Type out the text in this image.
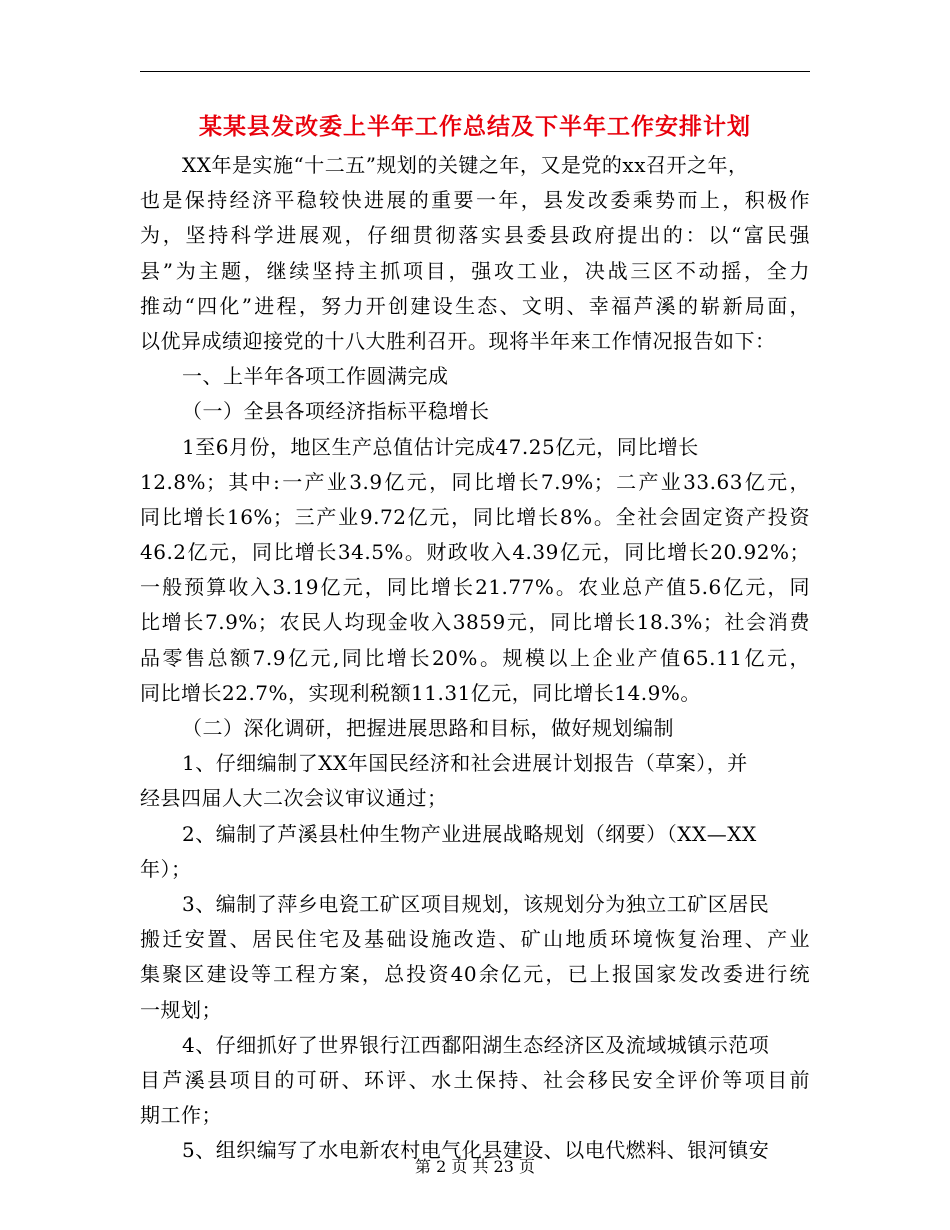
某某县发改委上半年工作总结及下半年工作安排计划
XX年是实施“十二五”规划的关键之年，又是党的xx召开之年，
也是保持经济平稳较快进展的重要一年，县发改委乘势而上，积极作
为，坚持科学进展观，仔细贯彻落实县委县政府提出的：以“富民强
县”为主题，继续坚持主抓项目，强攻工业，决战三区不动摇，全力
推动“四化”进程，努力开创建设生态、文明、幸福芦溪的崭新局面，
以优异成绩迎接党的十八大胜利召开。现将半年来工作情况报告如下：
一、上半年各项工作圆满完成
（一）全县各项经济指标平稳增长
1至6月份，地区生产总值估计完成47.25亿元，同比增长
12.8%；其中:一产业3.9亿元，同比增长7.9%；二产业33.63亿元，
同比增长16%；三产业9.72亿元，同比增长8%。全社会固定资产投资
46.2亿元，同比增长34.5%。财政收入4.39亿元，同比增长20.92%；
一般预算收入3.19亿元，同比增长21.77%。农业总产值5.6亿元，同
比增长7.9%；农民人均现金收入3859元，同比增长18.3%；社会消费
品零售总额7.9亿元,同比增长20%。规模以上企业产值65.11亿元，
同比增长22.7%，实现利税额11.31亿元，同比增长14.9%。
（二）深化调研，把握进展思路和目标，做好规划编制
1、仔细编制了XX年国民经济和社会进展计划报告（草案），并
经县四届人大二次会议审议通过；
2、编制了芦溪县杜仲生物产业进展战略规划（纲要）（XX—XX
年）；
3、编制了萍乡电瓷工矿区项目规划，该规划分为独立工矿区居民
搬迁安置、居民住宅及基础设施改造、矿山地质环境恢复治理、产业
集聚区建设等工程方案，总投资40余亿元，已上报国家发改委进行统
一规划；
4、仔细抓好了世界银行江西鄱阳湖生态经济区及流域城镇示范项
目芦溪县项目的可研、环评、水土保持、社会移民安全评价等项目前
期工作；
5、组织编写了水电新农村电气化县建设、以电代燃料、银河镇安
第 2 页 共 23 页
